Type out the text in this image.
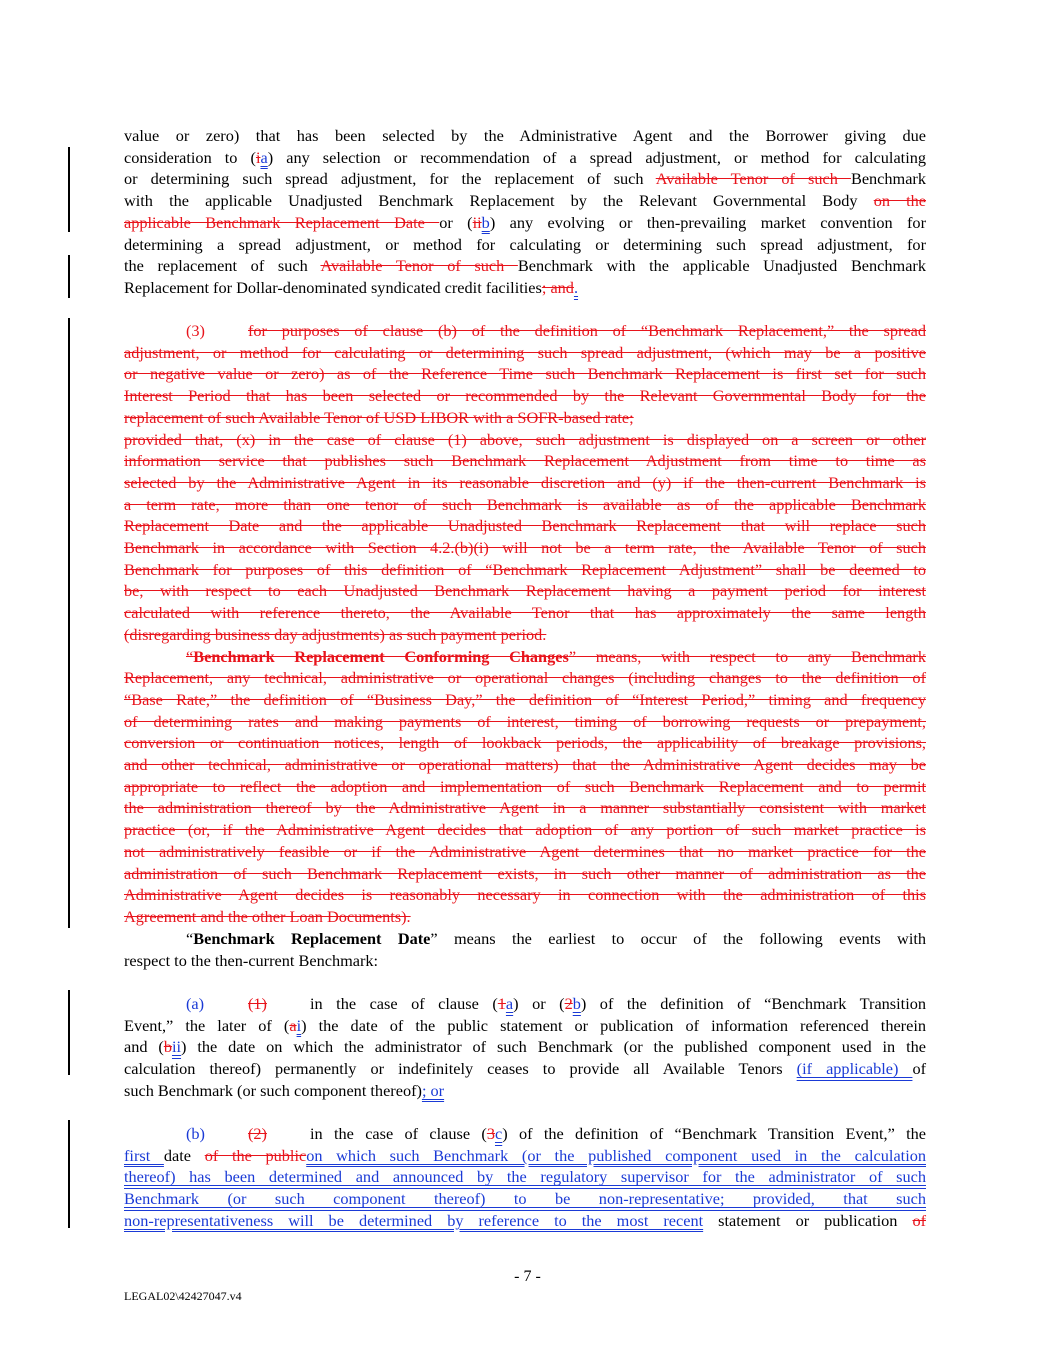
value or zero) that has been selected by the Administrative Agent and the Borrower giving due
consideration to (ia) any selection or recommendation of a spread adjustment, or method for calculating
or determining such spread adjustment, for the replacement of such Available Tenor of such Benchmark
with the applicable Unadjusted Benchmark Replacement by the Relevant Governmental Body on the
applicable Benchmark Replacement Date or (iib) any evolving or then-prevailing market convention for
determining a spread adjustment, or method for calculating or determining such spread adjustment, for
the replacement of such Available Tenor of such Benchmark with the applicable Unadjusted Benchmark
Replacement for Dollar-denominated syndicated credit facilities; and.
(3)	for purposes of clause (b) of the definition of “Benchmark Replacement,” the spread
adjustment, or method for calculating or determining such spread adjustment, (which may be a positive
or negative value or zero) as of the Reference Time such Benchmark Replacement is first set for such
Interest Period that has been selected or recommended by the Relevant Governmental Body for the
replacement of such Available Tenor of USD LIBOR with a SOFR-based rate;
provided that, (x) in the case of clause (1) above, such adjustment is displayed on a screen or other
information service that publishes such Benchmark Replacement Adjustment from time to time as
selected by the Administrative Agent in its reasonable discretion and (y) if the then-current Benchmark is
a term rate, more than one tenor of such Benchmark is available as of the applicable Benchmark
Replacement Date and the applicable Unadjusted Benchmark Replacement that will replace such
Benchmark in accordance with Section 4.2.(b)(i) will not be a term rate, the Available Tenor of such
Benchmark for purposes of this definition of “Benchmark Replacement Adjustment” shall be deemed to
be, with respect to each Unadjusted Benchmark Replacement having a payment period for interest
calculated with reference thereto, the Available Tenor that has approximately the same length
(disregarding business day adjustments) as such payment period.
“Benchmark Replacement Conforming Changes” means, with respect to any Benchmark
Replacement, any technical, administrative or operational changes (including changes to the definition of
“Base Rate,” the definition of “Business Day,” the definition of “Interest Period,” timing and frequency
of determining rates and making payments of interest, timing of borrowing requests or prepayment,
conversion or continuation notices, length of lookback periods, the applicability of breakage provisions,
and other technical, administrative or operational matters) that the Administrative Agent decides may be
appropriate to reflect the adoption and implementation of such Benchmark Replacement and to permit
the administration thereof by the Administrative Agent in a manner substantially consistent with market
practice (or, if the Administrative Agent decides that adoption of any portion of such market practice is
not administratively feasible or if the Administrative Agent determines that no market practice for the
administration of such Benchmark Replacement exists, in such other manner of administration as the
Administrative Agent decides is reasonably necessary in connection with the administration of this
Agreement and the other Loan Documents).
“Benchmark Replacement Date” means the earliest to occur of the following events with
respect to the then-current Benchmark:
(a)	(1)	in the case of clause (1a) or (2b) of the definition of “Benchmark Transition
Event,” the later of (ai) the date of the public statement or publication of information referenced therein
and (bii) the date on which the administrator of such Benchmark (or the published component used in the
calculation thereof) permanently or indefinitely ceases to provide all Available Tenors (if applicable) of
such Benchmark (or such component thereof); or
(b)	(2)	in the case of clause (3c) of the definition of “Benchmark Transition Event,” the
first date of the publicon which such Benchmark (or the published component used in the calculation
thereof) has been determined and announced by the regulatory supervisor for the administrator of such
Benchmark (or such component thereof) to be non-representative; provided, that such
non-representativeness will be determined by reference to the most recent statement or publication of
- 7 -
LEGAL02\42427047.v4
